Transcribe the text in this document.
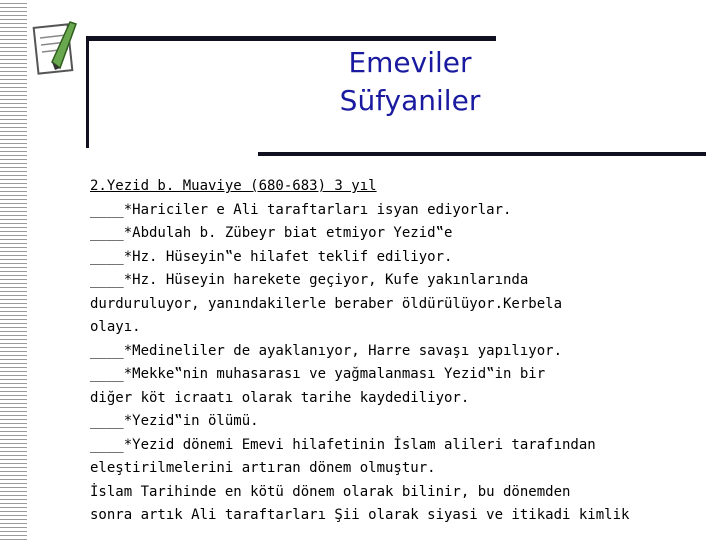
Emeviler
Süfyaniler
2.Yezid b. Muaviye (680-683) 3 yıl
____*Hariciler e Ali taraftarları isyan ediyorlar.
____*Abdulah b. Zübeyr biat etmiyor Yezid‟e
____*Hz. Hüseyin‟e hilafet teklif ediliyor.
____*Hz. Hüseyin harekete geçiyor, Kufe yakınlarında
durduruluyor, yanındakilerle beraber öldürülüyor.Kerbela
olayı.
____*Medineliler de ayaklanıyor, Harre savaşı yapılıyor.
____*Mekke‟nin muhasarası ve yağmalanması Yezid‟in bir
diğer köt icraatı olarak tarihe kaydediliyor.
____*Yezid‟in ölümü.
____*Yezid dönemi Emevi hilafetinin İslam alileri tarafından
eleştirilmelerini artıran dönem olmuştur.
İslam Tarihinde en kötü dönem olarak bilinir, bu dönemden
sonra artık Ali taraftarları Şii olarak siyasi ve itikadi kimlik
